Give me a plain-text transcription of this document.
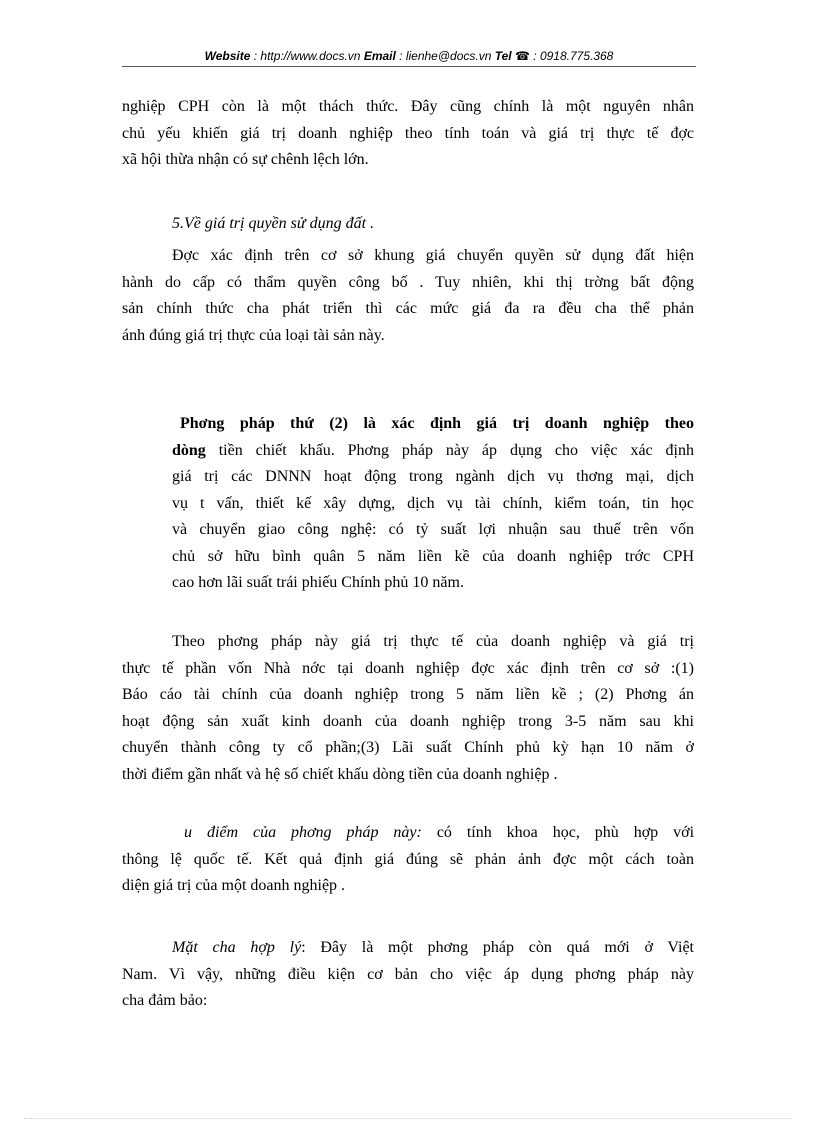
Website : http://www.docs.vn Email : lienhe@docs.vn Tel ☎ : 0918.775.368
nghiệp CPH còn là một thách thức. Đây cũng chính là một nguyên nhân
chủ yếu khiến giá trị doanh nghiệp theo tính toán và giá trị thực tế đợc
xã hội thừa nhận có sự chênh lệch lớn.
5.Về giá trị quyền sử dụng đất .
Đợc xác định trên cơ sở khung giá chuyển quyền sử dụng đất hiện
hành do cấp có thẩm quyền công bố . Tuy nhiên, khi thị trờng bất động
sản chính thức cha phát triển thì các mức giá đa ra đều cha thể phản
ánh đúng giá trị thực của loại tài sản này.
Phơng pháp thứ (2) là xác định giá trị doanh nghiệp theo
dòng tiền chiết khấu. Phơng pháp này áp dụng cho việc xác định
giá trị các DNNN hoạt động trong ngành dịch vụ thơng mại, dịch
vụ t vấn, thiết kế xây dựng, dịch vụ tài chính, kiểm toán, tin học
và chuyển giao công nghệ: có tỷ suất lợi nhuận sau thuế trên vốn
chủ sở hữu bình quân 5 năm liền kề của doanh nghiệp trớc CPH
cao hơn lãi suất trái phiếu Chính phủ 10 năm.
Theo phơng pháp này giá trị thực tế của doanh nghiệp và giá trị
thực tế phần vốn Nhà nớc tại doanh nghiệp đợc xác định trên cơ sở :(1)
Báo cáo tài chính của doanh nghiệp trong 5 năm liền kề ; (2) Phơng án
hoạt động sản xuất kinh doanh của doanh nghiệp trong 3-5 năm sau khi
chuyển thành công ty cổ phần;(3) Lãi suất Chính phủ kỳ hạn 10 năm ở
thời điểm gần nhất và hệ số chiết khấu dòng tiền của doanh nghiệp .
u điểm của phơng pháp này: có tính khoa học, phù hợp với
thông lệ quốc tế. Kết quả định giá đúng sẽ phản ảnh đợc một cách toàn
diện giá trị của một doanh nghiệp .
Mặt cha hợp lý: Đây là một phơng pháp còn quá mới ở Việt
Nam. Vì vậy, những điều kiện cơ bản cho việc áp dụng phơng pháp này
cha đảm bảo:
